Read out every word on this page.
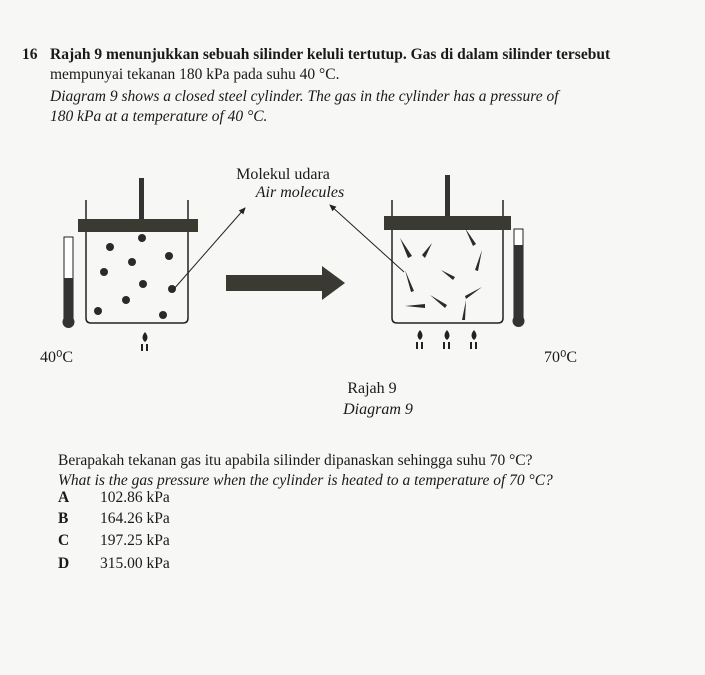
16 Rajah 9 menunjukkan sebuah silinder keluli tertutup. Gas di dalam silinder tersebut
mempunyai tekanan 180 kPa pada suhu 40 °C.
Diagram 9 shows a closed steel cylinder. The gas in the cylinder has a pressure of
180 kPa at a temperature of 40 °C.
40⁰C
Molekul udara
Air molecules
70⁰C
Rajah 9
Diagram 9
Berapakah tekanan gas itu apabila silinder dipanaskan sehingga suhu 70 °C?
What is the gas pressure when the cylinder is heated to a temperature of 70 °C?
A 102.86 kPa
B 164.26 kPa
C 197.25 kPa
D 315.00 kPa
